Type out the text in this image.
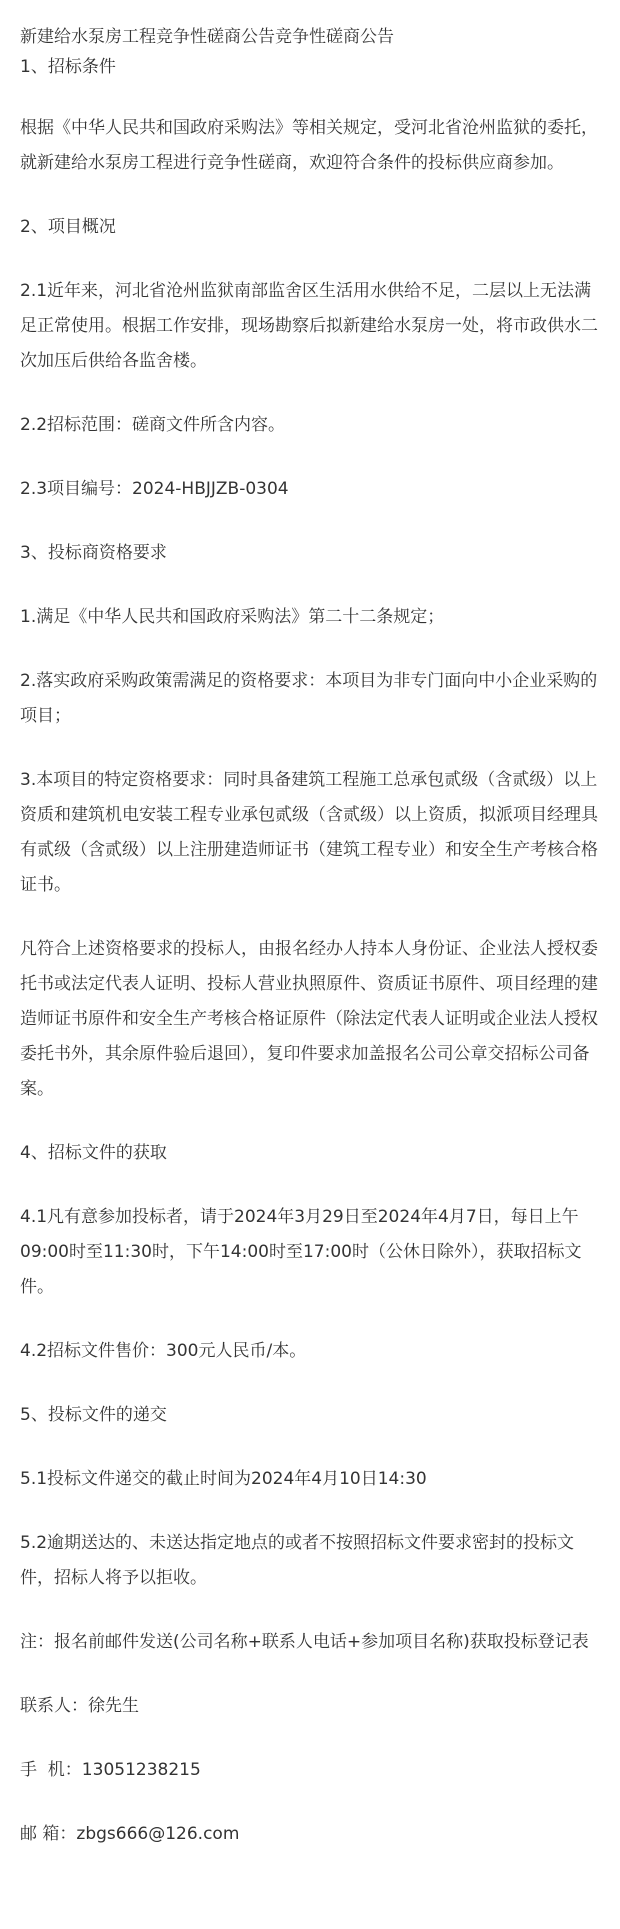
新建给水泵房工程竞争性磋商公告竞争性磋商公告

1、招标条件

根据《中华人民共和国政府采购法》等相关规定，受河北省沧州监狱的委托，就新建给水泵房工程进行竞争性磋商，欢迎符合条件的投标供应商参加。

2、项目概况

2.1近年来，河北省沧州监狱南部监舍区生活用水供给不足，二层以上无法满足正常使用。根据工作安排，现场勘察后拟新建给水泵房一处，将市政供水二次加压后供给各监舍楼。

2.2招标范围：磋商文件所含内容。

2.3项目编号：2024-HBJJZB-0304

3、投标商资格要求

1.满足《中华人民共和国政府采购法》第二十二条规定；

2.落实政府采购政策需满足的资格要求：本项目为非专门面向中小企业采购的项目；

3.本项目的特定资格要求：同时具备建筑工程施工总承包贰级（含贰级）以上资质和建筑机电安装工程专业承包贰级（含贰级）以上资质，拟派项目经理具有贰级（含贰级）以上注册建造师证书（建筑工程专业）和安全生产考核合格证书。

凡符合上述资格要求的投标人，由报名经办人持本人身份证、企业法人授权委托书或法定代表人证明、投标人营业执照原件、资质证书原件、项目经理的建造师证书原件和安全生产考核合格证原件（除法定代表人证明或企业法人授权委托书外，其余原件验后退回），复印件要求加盖报名公司公章交招标公司备案。

4、招标文件的获取

4.1凡有意参加投标者，请于2024年3月29日至2024年4月7日，每日上午09:00时至11:30时，下午14:00时至17:00时（公休日除外），获取招标文件。

4.2招标文件售价：300元人民币/本。

5、投标文件的递交

5.1投标文件递交的截止时间为2024年4月10日14:30

5.2逾期送达的、未送达指定地点的或者不按照招标文件要求密封的投标文件，招标人将予以拒收。

注：报名前邮件发送(公司名称+联系人电话+参加项目名称)获取投标登记表

联系人：徐先生

手  机：13051238215

邮 箱：zbgs666@126.com
